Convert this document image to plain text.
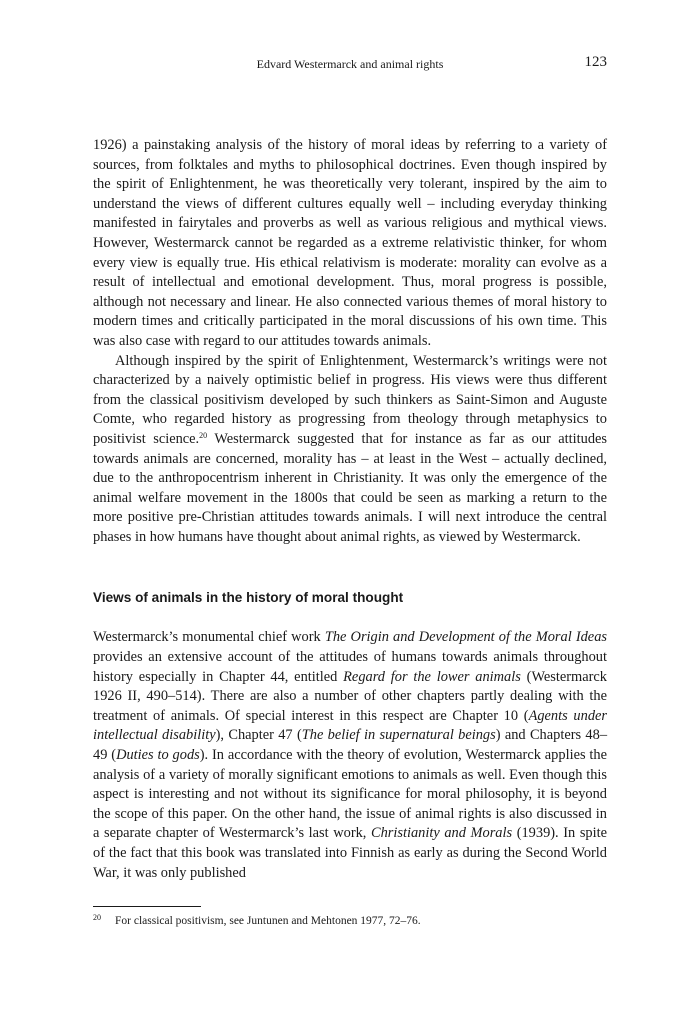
Edvard Westermarck and animal rights	123

1926) a painstaking analysis of the history of moral ideas by referring to a variety of sources, from folktales and myths to philosophical doctrines. Even though inspired by the spirit of Enlightenment, he was theoretically very tolerant, inspired by the aim to understand the views of different cultures equally well – including everyday thinking manifested in fairytales and proverbs as well as various religious and mythical views. However, Westermarck cannot be regarded as a extreme relativistic thinker, for whom every view is equally true. His ethical relativism is moderate: morality can evolve as a result of intellectual and emotional development. Thus, moral progress is possible, although not necessary and linear. He also connected various themes of moral history to modern times and critically participated in the moral discussions of his own time. This was also case with regard to our attitudes towards animals.

Although inspired by the spirit of Enlightenment, Westermarck’s writings were not characterized by a naively optimistic belief in progress. His views were thus different from the classical positivism developed by such thinkers as Saint-Simon and Auguste Comte, who regarded history as progressing from theology through metaphysics to positivist science.$^{20}$ Westermarck suggested that for instance as far as our attitudes towards animals are concerned, morality has – at least in the West – actually declined, due to the anthropocentrism inherent in Christianity. It was only the emergence of the animal welfare movement in the 1800s that could be seen as marking a return to the more positive pre-Christian attitudes towards animals. I will next introduce the central phases in how humans have thought about animal rights, as viewed by Westermarck.

Views of animals in the history of moral thought

Westermarck’s monumental chief work The Origin and Development of the Moral Ideas provides an extensive account of the attitudes of humans towards animals throughout history especially in Chapter 44, entitled Regard for the lower animals (Westermarck 1926 II, 490–514). There are also a number of other chapters partly dealing with the treatment of animals. Of special interest in this respect are Chapter 10 (Agents under intellectual disability), Chapter 47 (The belief in supernatural beings) and Chapters 48–49 (Duties to gods). In accordance with the theory of evolution, Westermarck applies the analysis of a variety of morally significant emotions to animals as well. Even though this aspect is interesting and not without its significance for moral philosophy, it is beyond the scope of this paper. On the other hand, the issue of animal rights is also discussed in a separate chapter of Westermarck’s last work, Christianity and Morals (1939). In spite of the fact that this book was translated into Finnish as early as during the Second World War, it was only published

20 For classical positivism, see Juntunen and Mehtonen 1977, 72–76.
